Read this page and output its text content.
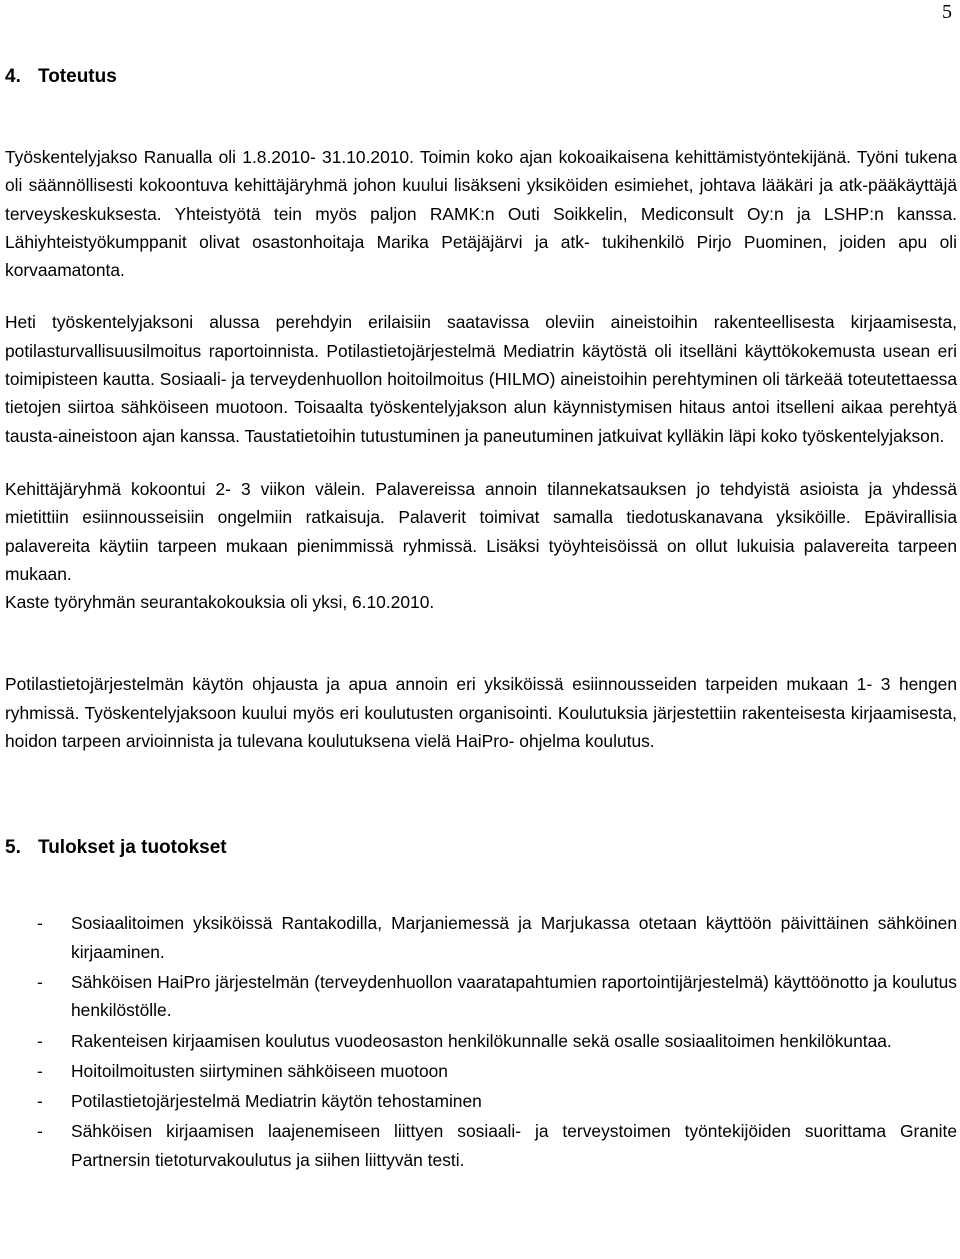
5
4. Toteutus

Työskentelyjakso Ranualla oli 1.8.2010- 31.10.2010. Toimin koko ajan kokoaikaisena kehittämistyöntekijänä. Työni tukena oli säännöllisesti kokoontuva kehittäjäryhmä johon kuului lisäkseni yksiköiden esimiehet, johtava lääkäri ja atk-pääkäyttäjä terveyskeskuksesta. Yhteistyötä tein myös paljon RAMK:n Outi Soikkelin, Mediconsult Oy:n ja LSHP:n kanssa. Lähiyhteistyökumppanit olivat osastonhoitaja Marika Petäjäjärvi ja atk- tukihenkilö Pirjo Puominen, joiden apu oli korvaamatonta.

Heti työskentelyjaksoni alussa perehdyin erilaisiin saatavissa oleviin aineistoihin rakenteellisesta kirjaamisesta, potilasturvallisuusilmoitus raportoinnista. Potilastietojärjestelmä Mediatrin käytöstä oli itselläni käyttökokemusta usean eri toimipisteen kautta. Sosiaali- ja terveydenhuollon hoitoilmoitus (HILMO) aineistoihin perehtyminen oli tärkeää toteutettaessa tietojen siirtoa sähköiseen muotoon. Toisaalta työskentelyjakson alun käynnistymisen hitaus antoi itselleni aikaa perehtyä tausta-aineistoon ajan kanssa. Taustatietoihin tutustuminen ja paneutuminen jatkuivat kylläkin läpi koko työskentelyjakson.

Kehittäjäryhmä kokoontui 2- 3 viikon välein. Palavereissa annoin tilannekatsauksen jo tehdyistä asioista ja yhdessä mietittiin esiinnousseisiin ongelmiin ratkaisuja. Palaverit toimivat samalla tiedotuskanavana yksiköille. Epävirallisia palavereita käytiin tarpeen mukaan pienimmissä ryhmissä. Lisäksi työyhteisöissä on ollut lukuisia palavereita tarpeen mukaan.

Kaste työryhmän seurantakokouksia oli yksi, 6.10.2010.

Potilastietojärjestelmän käytön ohjausta ja apua annoin eri yksiköissä esiinnousseiden tarpeiden mukaan 1- 3 hengen ryhmissä. Työskentelyjaksoon kuului myös eri koulutusten organisointi. Koulutuksia järjestettiin rakenteisesta kirjaamisesta, hoidon tarpeen arvioinnista ja tulevana koulutuksena vielä HaiPro- ohjelma koulutus.

5. Tulokset ja tuotokset
- Sosiaalitoimen yksiköissä Rantakodilla, Marjaniemessä ja Marjukassa otetaan käyttöön päivittäinen sähköinen kirjaaminen.
- Sähköisen HaiPro järjestelmän (terveydenhuollon vaaratapahtumien raportointijärjestelmä) käyttöönotto ja koulutus henkilöstölle.
- Rakenteisen kirjaamisen koulutus vuodeosaston henkilökunnalle sekä osalle sosiaalitoimen henkilökuntaa.
- Hoitoilmoitusten siirtyminen sähköiseen muotoon
- Potilastietojärjestelmä Mediatrin käytön tehostaminen
- Sähköisen kirjaamisen laajenemiseen liittyen sosiaali- ja terveystoimen työntekijöiden suorittama Granite Partnersin tietoturvakoulutus ja siihen liittyvän testi.
